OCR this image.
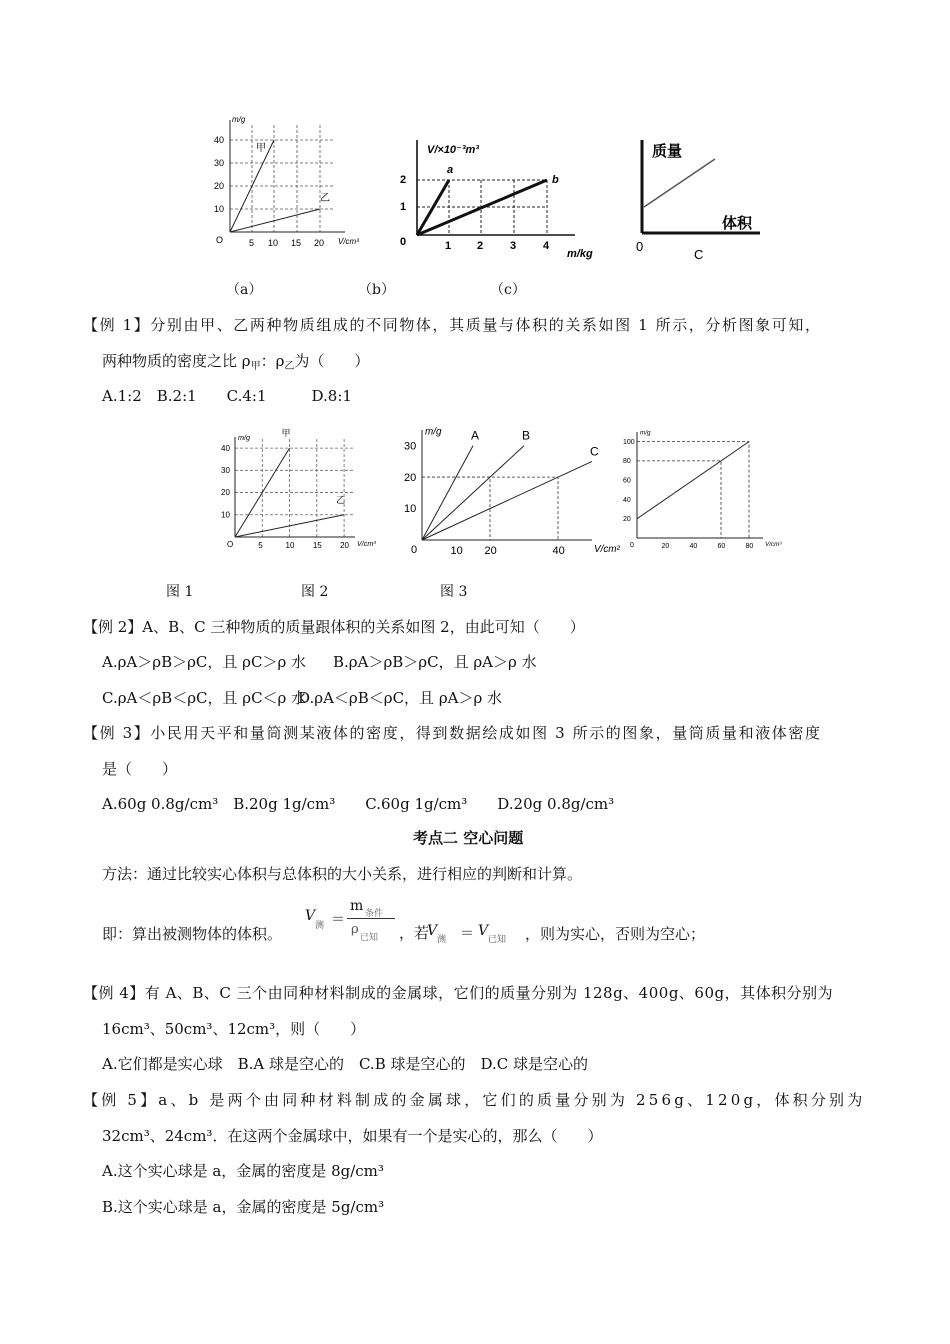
m/g
40
30
20
10
O	5 10 15 20 V/cm³
甲
乙
V/×10⁻³m³
2
1
0	1 2 3 4
m/kg
a
b
质量
体积
0
C
（a）	（b）	（c）
【例 1】分别由甲、乙两种物质组成的不同物体，其质量与体积的关系如图 1 所示，分析图象可知，
两种物质的密度之比 $\rho_甲$：$\rho_乙$为（　　）
A.1:2　B.2:1　　C.4:1　　　D.8:1
10
20
30
40
5	10 15 20
O	V/cm³
m/g	甲
乙
10
20
30
10 20	40
0	V/cm²
m/g A	B
C
20
40
60
80
100
20	40	60	80
0	V/cm³
m/g
图 1	图 2	图 3
【例 2】A、B、C 三种物质的质量跟体积的关系如图 2，由此可知（　　）
A.ρA＞ρB＞ρC，且 ρC＞ρ 水 B.ρA＞ρB＞ρC，且 ρA＞ρ 水
C.ρA＜ρB＜ρC，且 ρC＜ρ 水
D.ρA＜ρB＜ρC，且 ρA＞ρ 水
【例 3】小民用天平和量筒测某液体的密度，得到数据绘成如图 3 所示的图象，量筒质量和液体密度
是（　　）
A.60g 0.8g/cm³　B.20g 1g/cm³　　C.60g 1g/cm³　　D.20g 0.8g/cm³
考点二 空心问题
方法：通过比较实心体积与总体积的大小关系，进行相应的判断和计算。
即：算出被测物体的体积。
V
测 ＝
m 条件
ρ
已知 ，若
V
测 ＝ V
已知 ，则为实心，否则为空心；
【例 4】有 A、B、C 三个由同种材料制成的金属球，它们的质量分别为 128g、400g、60g，其体积分别为
16cm³、50cm³、12cm³，则（　　）
A.它们都是实心球　B.A 球是空心的　C.B 球是空心的　D.C 球是空心的
【例 5】a、b 是两个由同种材料制成的金属球，它们的质量分别为 256g、120g，体积分别为
32cm³、24cm³．在这两个金属球中，如果有一个是实心的，那么（　　）
A.这个实心球是 a，金属的密度是 8g/cm³
B.这个实心球是 a，金属的密度是 5g/cm³
